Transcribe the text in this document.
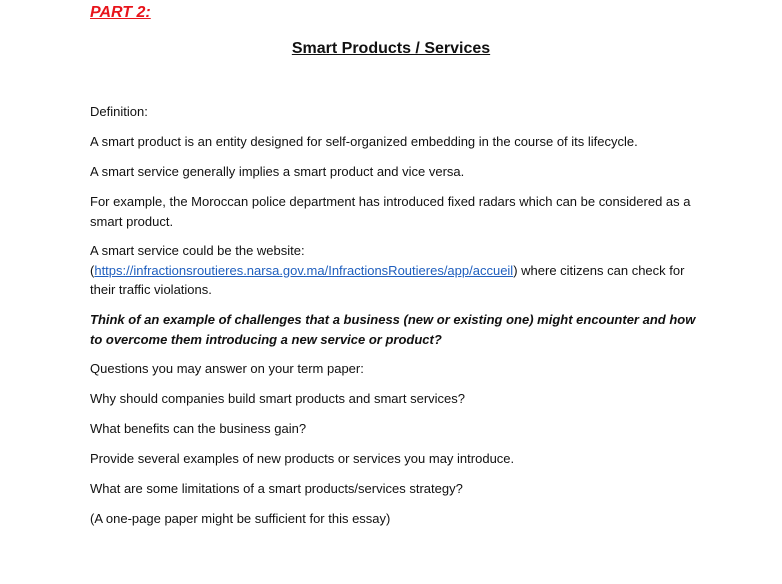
PART 2:
Smart Products / Services

Definition:

A smart product is an entity designed for self-organized embedding in the course of its lifecycle.

A smart service generally implies a smart product and vice versa.

For example, the Moroccan police department has introduced fixed radars which can be considered as a smart product.

A smart service could be the website:
(https://infractionsroutieres.narsa.gov.ma/InfractionsRoutieres/app/accueil) where citizens can check for their traffic violations.

Think of an example of challenges that a business (new or existing one) might encounter and how to overcome them introducing a new service or product?

Questions you may answer on your term paper:

Why should companies build smart products and smart services?

What benefits can the business gain?

Provide several examples of new products or services you may introduce.

What are some limitations of a smart products/services strategy?

(A one-page paper might be sufficient for this essay)
